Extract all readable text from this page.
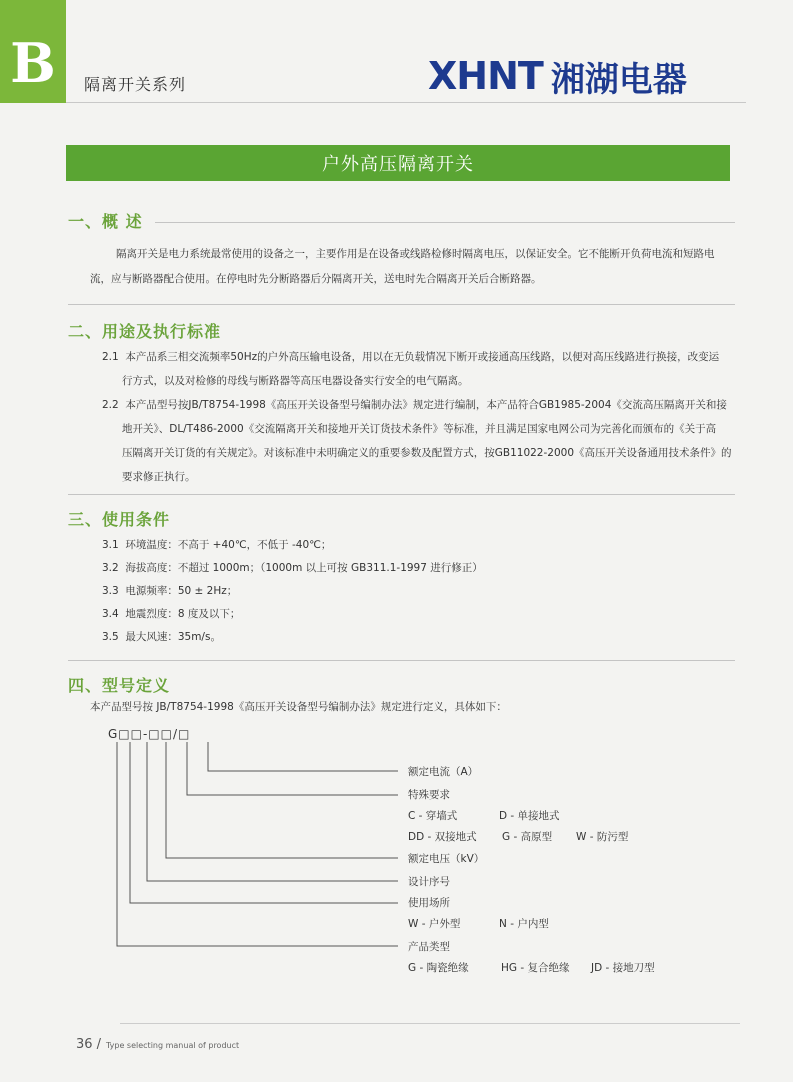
B 隔离开关系列	XHNT 湘湖电器
户外高压隔离开关
一、概 述
隔离开关是电力系统最常使用的设备之一，主要作用是在设备或线路检修时隔离电压，以保证安全。它不能断开负荷电流和短路电
流，应与断路器配合使用。在停电时先分断路器后分隔离开关，送电时先合隔离开关后合断路器。
二、用途及执行标准
2.1 本产品系三相交流频率50Hz的户外高压输电设备，用以在无负载情况下断开或接通高压线路，以便对高压线路进行换接，改变运
行方式，以及对检修的母线与断路器等高压电器设备实行安全的电气隔离。
2.2 本产品型号按JB/T8754-1998《高压开关设备型号编制办法》规定进行编制，本产品符合GB1985-2004《交流高压隔离开关和接
地开关》、DL/T486-2000《交流隔离开关和接地开关订货技术条件》等标准，并且满足国家电网公司为完善化而颁布的《关于高
压隔离开关订货的有关规定》。对该标准中未明确定义的重要参数及配置方式，按GB11022-2000《高压开关设备通用技术条件》的
要求修正执行。
三、使用条件
3.1 环境温度：不高于 +40℃，不低于 -40℃；
3.2 海拔高度：不超过 1000m；（1000m 以上可按 GB311.1-1997 进行修正）
3.3 电源频率：50 ± 2Hz；
3.4 地震烈度：8 度及以下；
3.5 最大风速：35m/s。
四、型号定义
本产品型号按 JB/T8754-1998《高压开关设备型号编制办法》规定进行定义，具体如下：
G□□-□□/□
额定电流（A）
特殊要求
C - 穿墙式	D - 单接地式
DD - 双接地式 G - 高原型 W - 防污型
额定电压（kV）
设计序号
使用场所
W - 户外型	N - 户内型
产品类型
G - 陶瓷绝缘	HG - 复合绝缘 JD - 接地刀型
36 / Type selecting manual of product
